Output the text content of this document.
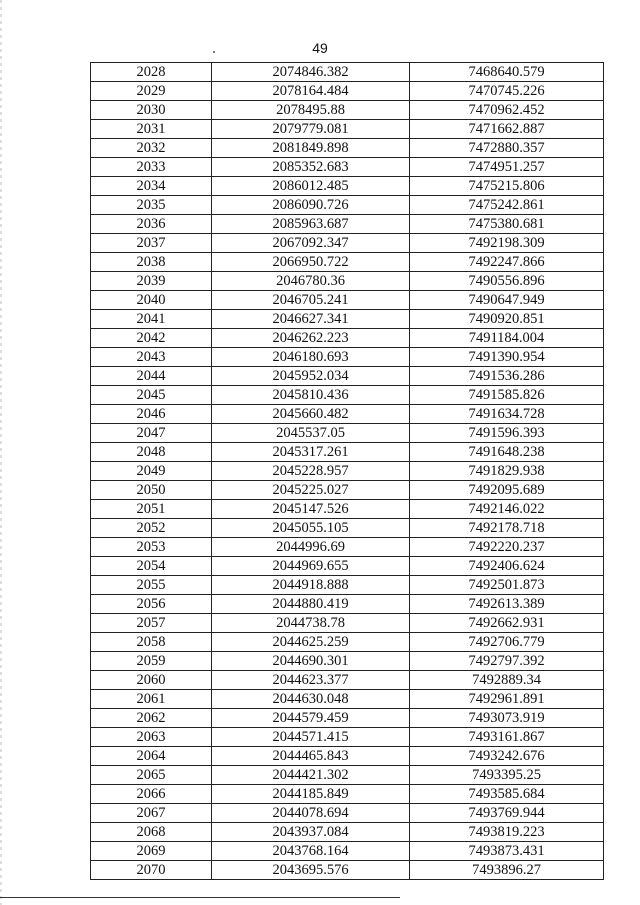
49
2028	2074846.382	7468640.579
2029	2078164.484	7470745.226
2030	2078495.88	7470962.452
2031	2079779.081	7471662.887
2032	2081849.898	7472880.357
2033	2085352.683	7474951.257
2034	2086012.485	7475215.806
2035	2086090.726	7475242.861
2036	2085963.687	7475380.681
2037	2067092.347	7492198.309
2038	2066950.722	7492247.866
2039	2046780.36	7490556.896
2040	2046705.241	7490647.949
2041	2046627.341	7490920.851
2042	2046262.223	7491184.004
2043	2046180.693	7491390.954
2044	2045952.034	7491536.286
2045	2045810.436	7491585.826
2046	2045660.482	7491634.728
2047	2045537.05	7491596.393
2048	2045317.261	7491648.238
2049	2045228.957	7491829.938
2050	2045225.027	7492095.689
2051	2045147.526	7492146.022
2052	2045055.105	7492178.718
2053	2044996.69	7492220.237
2054	2044969.655	7492406.624
2055	2044918.888	7492501.873
2056	2044880.419	7492613.389
2057	2044738.78	7492662.931
2058	2044625.259	7492706.779
2059	2044690.301	7492797.392
2060	2044623.377	7492889.34
2061	2044630.048	7492961.891
2062	2044579.459	7493073.919
2063	2044571.415	7493161.867
2064	2044465.843	7493242.676
2065	2044421.302	7493395.25
2066	2044185.849	7493585.684
2067	2044078.694	7493769.944
2068	2043937.084	7493819.223
2069	2043768.164	7493873.431
2070	2043695.576	7493896.27
